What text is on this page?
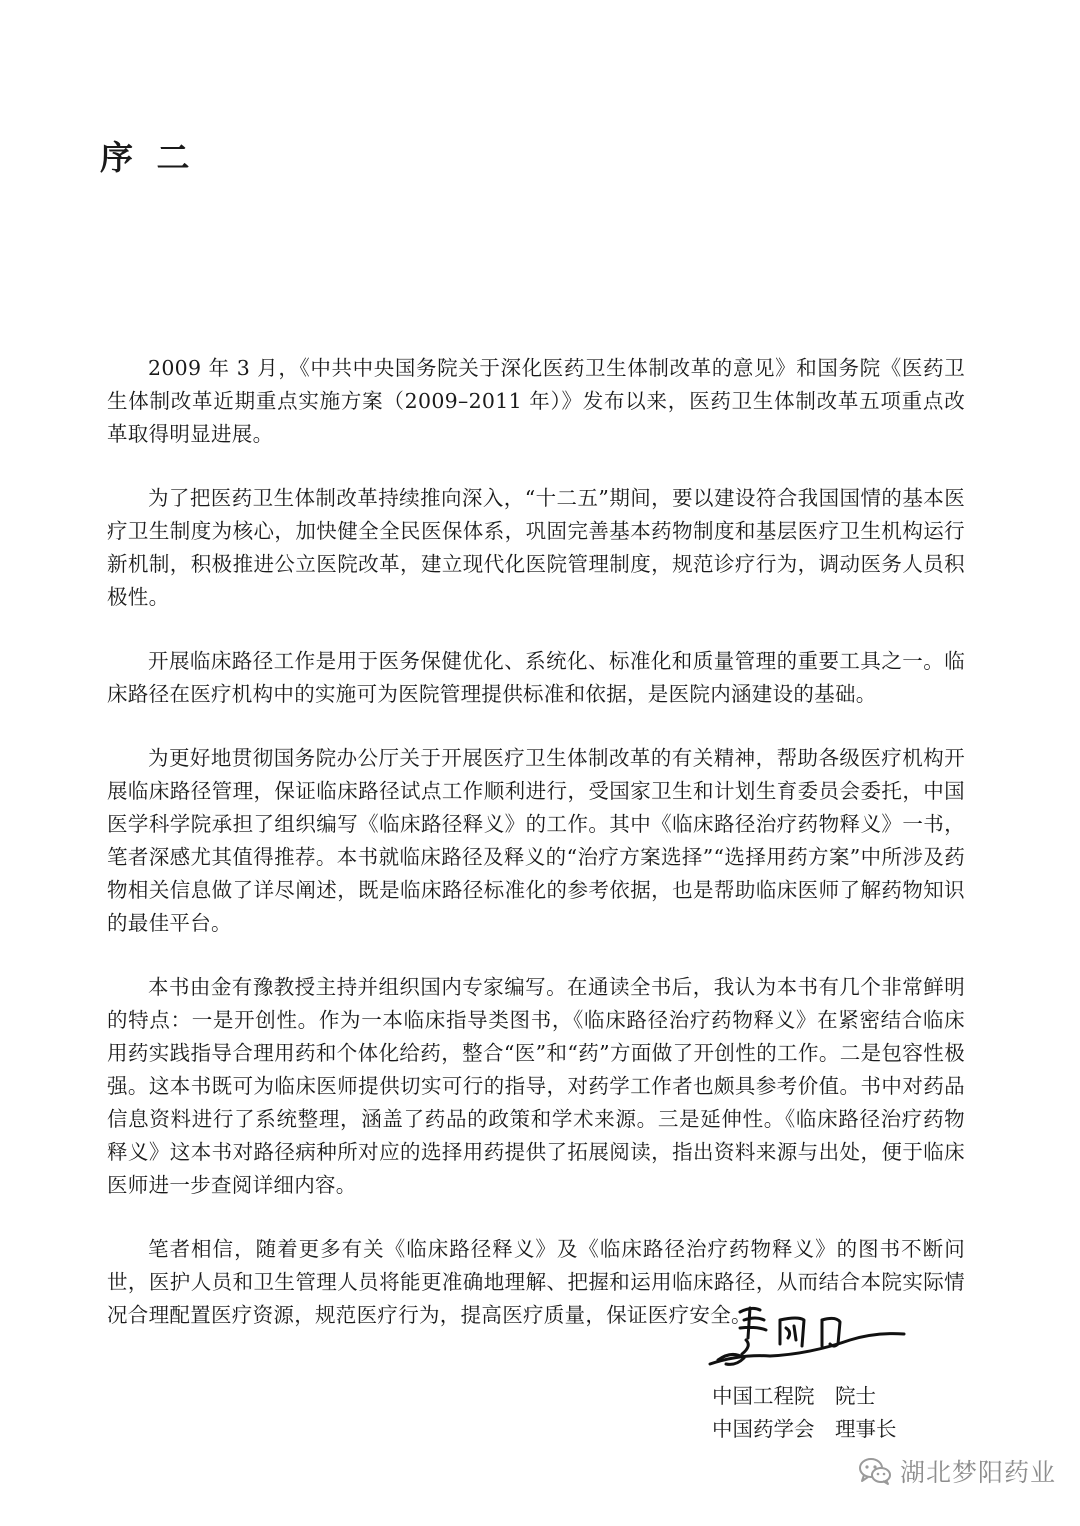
序 二

2009 年 3 月，《中共中央国务院关于深化医药卫生体制改革的意见》和国务院《医药卫生体制改革近期重点实施方案（2009–2011 年）》发布以来，医药卫生体制改革五项重点改革取得明显进展。

为了把医药卫生体制改革持续推向深入，“十二五”期间，要以建设符合我国国情的基本医疗卫生制度为核心，加快健全全民医保体系，巩固完善基本药物制度和基层医疗卫生机构运行新机制，积极推进公立医院改革，建立现代化医院管理制度，规范诊疗行为，调动医务人员积极性。

开展临床路径工作是用于医务保健优化、系统化、标准化和质量管理的重要工具之一。临床路径在医疗机构中的实施可为医院管理提供标准和依据，是医院内涵建设的基础。

为更好地贯彻国务院办公厅关于开展医疗卫生体制改革的有关精神，帮助各级医疗机构开展临床路径管理，保证临床路径试点工作顺利进行，受国家卫生和计划生育委员会委托，中国医学科学院承担了组织编写《临床路径释义》的工作。其中《临床路径治疗药物释义》一书，笔者深感尤其值得推荐。本书就临床路径及释义的“治疗方案选择”“选择用药方案”中所涉及药物相关信息做了详尽阐述，既是临床路径标准化的参考依据，也是帮助临床医师了解药物知识的最佳平台。

本书由金有豫教授主持并组织国内专家编写。在通读全书后，我认为本书有几个非常鲜明的特点：一是开创性。作为一本临床指导类图书，《临床路径治疗药物释义》在紧密结合临床用药实践指导合理用药和个体化给药，整合“医”和“药”方面做了开创性的工作。二是包容性极强。这本书既可为临床医师提供切实可行的指导，对药学工作者也颇具参考价值。书中对药品信息资料进行了系统整理，涵盖了药品的政策和学术来源。三是延伸性。《临床路径治疗药物释义》这本书对路径病种所对应的选择用药提供了拓展阅读，指出资料来源与出处，便于临床医师进一步查阅详细内容。

笔者相信，随着更多有关《临床路径释义》及《临床路径治疗药物释义》的图书不断问世，医护人员和卫生管理人员将能更准确地理解、把握和运用临床路径，从而结合本院实际情况合理配置医疗资源，规范医疗行为，提高医疗质量，保证医疗安全。

中国工程院　院士
中国药学会　理事长
湖北梦阳药业
